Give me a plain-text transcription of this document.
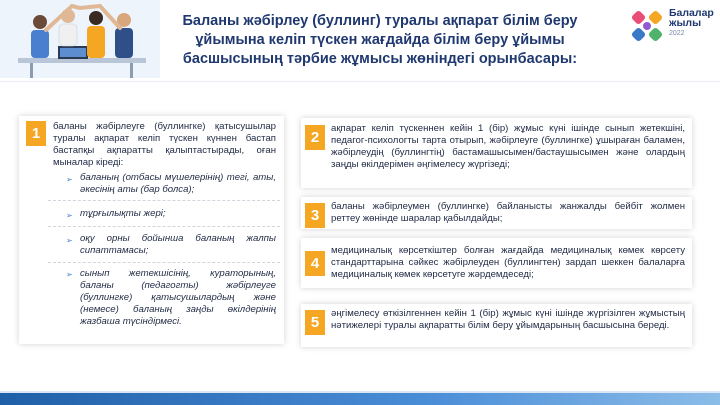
Баланы жәбірлеу (буллинг) туралы ақпарат білім беру
ұйымына келіп түскен жағдайда білім беру ұйымы
басшысының тәрбие жұмысы жөніндегі орынбасары:
Балалар
жылы
2022
1	баланы жәбірлеуге (буллингке) қатысушылар туралы ақпарат келіп түскен күннен бастап бастапқы ақпаратты қалыптастырады, оған мыналар кіреді:
➢ баланың (отбасы мүшелерінің) тегі, аты, әкесінің аты (бар болса);
➢ тұрғылықты жері;
➢ оқу орны бойынша баланың жалпы сипаттамасы;
➢ сынып жетекшісінің, кураторының, баланы (педагогты) жәбірлеуге (буллингке) қатысушылардың және (немесе) баланың заңды өкілдерінің жазбаша түсіндірмесі.
2
ақпарат келіп түскеннен кейін 1 (бір) жұмыс күні ішінде сынып жетекшіні, педагог-психологты тарта отырып, жәбірлеуге (буллингке) ұшыраған баламен, жәбірлеудің (буллингтің) бастамашысымен/бастаушысымен және олардың заңды өкілдерімен әңгімелесу жүргізеді;
3
баланы жәбірлеумен (буллингке) байланысты жанжалды бейбіт жолмен реттеу жөнінде шаралар қабылдайды;
4
медициналық көрсеткіштер болған жағдайда медициналық көмек көрсету стандарттарына сәйкес жәбірлеуден (буллингтен) зардап шеккен балаларға медициналық көмек көрсетуге жәрдемдеседі;
5
әңгімелесу өткізілгеннен кейін 1 (бір) жұмыс күні ішінде жүргізілген жұмыстың нәтижелері туралы ақпаратты білім беру ұйымдарының басшысына береді.
